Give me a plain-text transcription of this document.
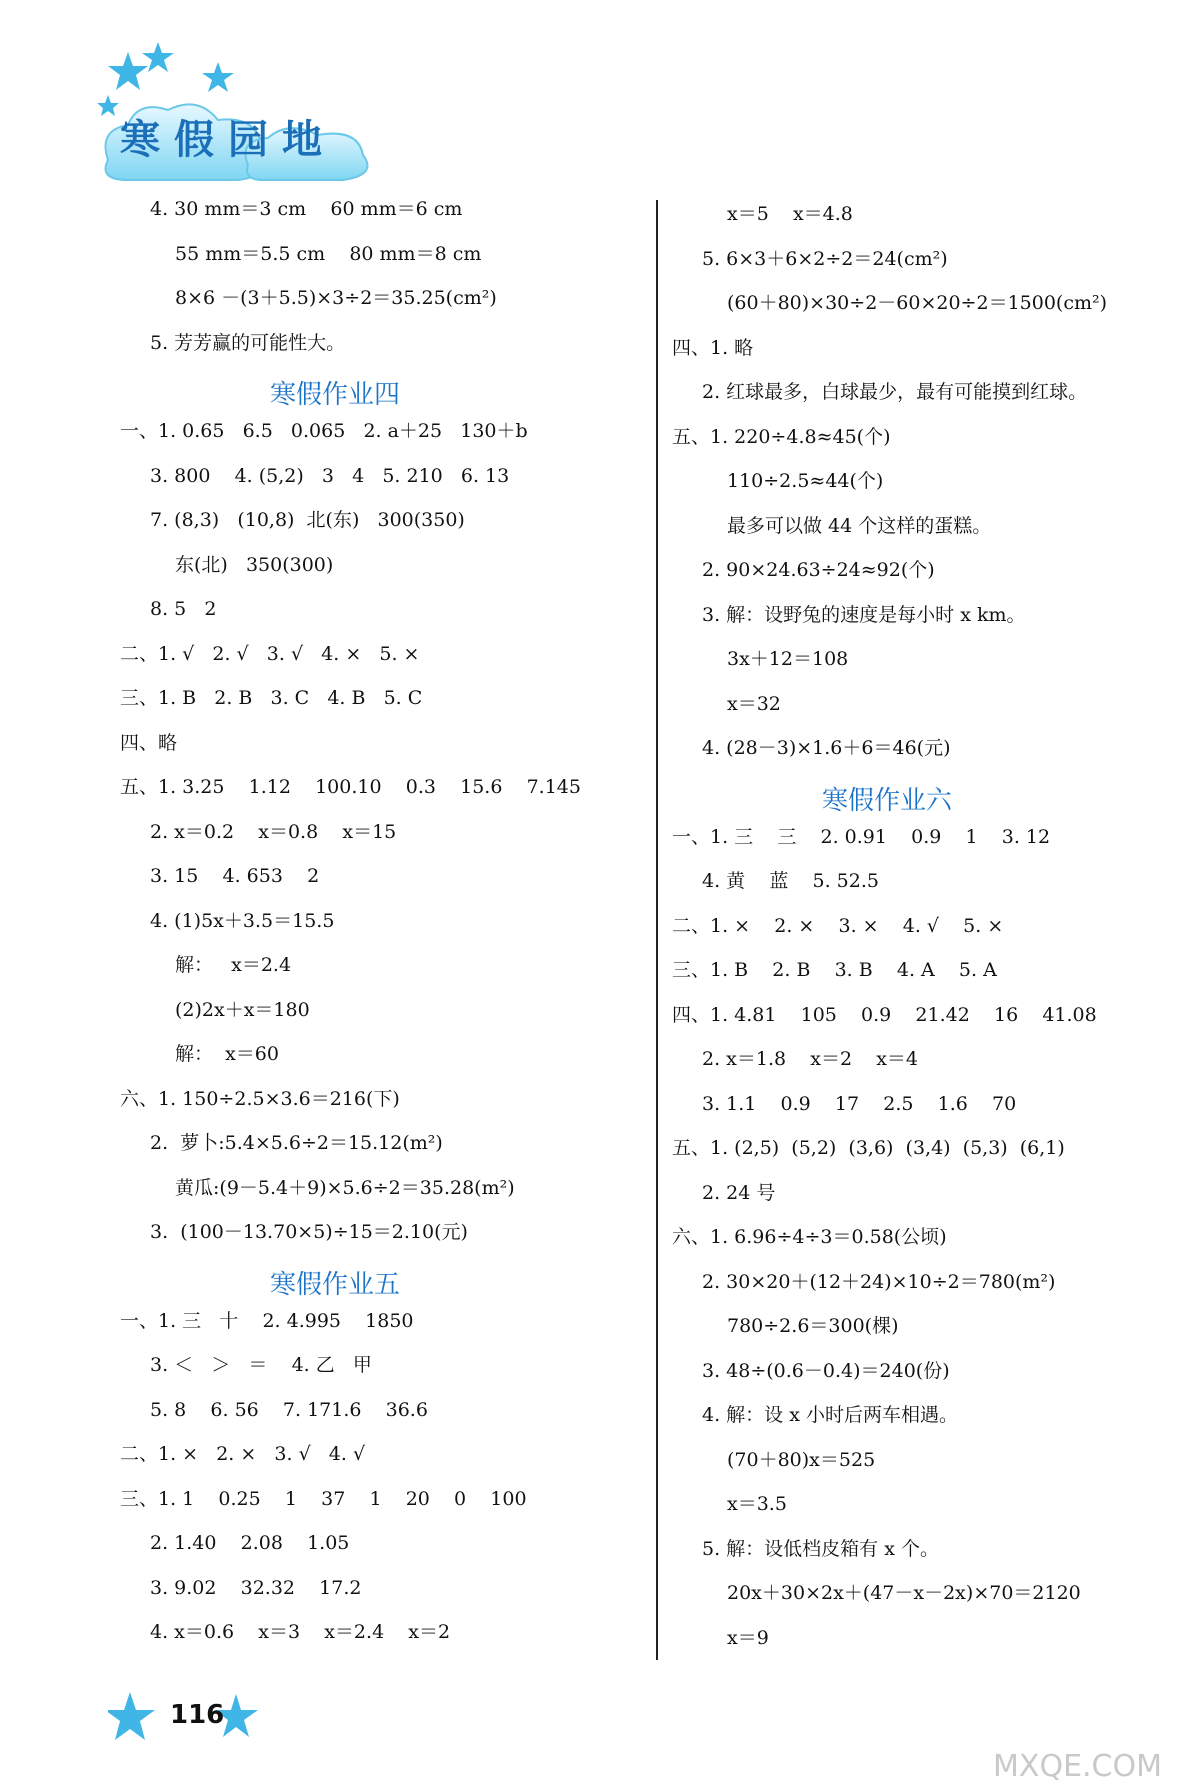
寒假园地
4. 30 mm＝3 cm    60 mm＝6 cm
55 mm＝5.5 cm    80 mm＝8 cm
8×6 －(3＋5.5)×3÷2＝35.25(cm²)
5. 芳芳赢的可能性大。
寒假作业四
一、1. 0.65   6.5   0.065   2. a＋25   130＋b
3. 800    4. (5,2)   3   4   5. 210   6. 13
7. (8,3)   (10,8)  北(东)   300(350)
东(北)   350(300)
8. 5   2
二、1. √   2. √   3. √   4. ×   5. ×
三、1. B   2. B   3. C   4. B   5. C
四、略
五、1. 3.25    1.12    100.10    0.3    15.6    7.145
2. x＝0.2    x＝0.8    x＝15
3. 15    4. 653    2
4. (1)5x＋3.5＝15.5
解：   x＝2.4
(2)2x＋x＝180
解：  x＝60
六、1. 150÷2.5×3.6＝216(下)
2.  萝卜:5.4×5.6÷2＝15.12(m²)
黄瓜:(9－5.4＋9)×5.6÷2＝35.28(m²)
3.  (100－13.70×5)÷15＝2.10(元)
寒假作业五
一、1. 三   十    2. 4.995    1850
3. ＜   ＞   ＝    4. 乙   甲
5. 8    6. 56    7. 171.6    36.6
二、1. ×   2. ×   3. √   4. √
三、1. 1    0.25    1    37    1    20    0    100
2. 1.40    2.08    1.05
3. 9.02    32.32    17.2
4. x＝0.6    x＝3    x＝2.4    x＝2
x＝5    x＝4.8
5. 6×3＋6×2÷2＝24(cm²)
(60＋80)×30÷2－60×20÷2＝1500(cm²)
四、1. 略
2. 红球最多，白球最少，最有可能摸到红球。
五、1. 220÷4.8≈45(个)
110÷2.5≈44(个)
最多可以做 44 个这样的蛋糕。
2. 90×24.63÷24≈92(个)
3. 解：设野兔的速度是每小时 x km。
3x＋12＝108
x＝32
4. (28－3)×1.6＋6＝46(元)
寒假作业六
一、1. 三    三    2. 0.91    0.9    1    3. 12
4. 黄    蓝    5. 52.5
二、1. ×    2. ×    3. ×    4. √    5. ×
三、1. B    2. B    3. B    4. A    5. A
四、1. 4.81    105    0.9    21.42    16    41.08
2. x＝1.8    x＝2    x＝4
3. 1.1    0.9    17    2.5    1.6    70
五、1. (2,5)  (5,2)  (3,6)  (3,4)  (5,3)  (6,1)
2. 24 号
六、1. 6.96÷4÷3＝0.58(公顷)
2. 30×20＋(12＋24)×10÷2＝780(m²)
780÷2.6＝300(棵)
3. 48÷(0.6－0.4)＝240(份)
4. 解：设 x 小时后两车相遇。
(70＋80)x＝525
x＝3.5
5. 解：设低档皮箱有 x 个。
20x＋30×2x＋(47－x－2x)×70＝2120
x＝9
116
MXQE.COM
